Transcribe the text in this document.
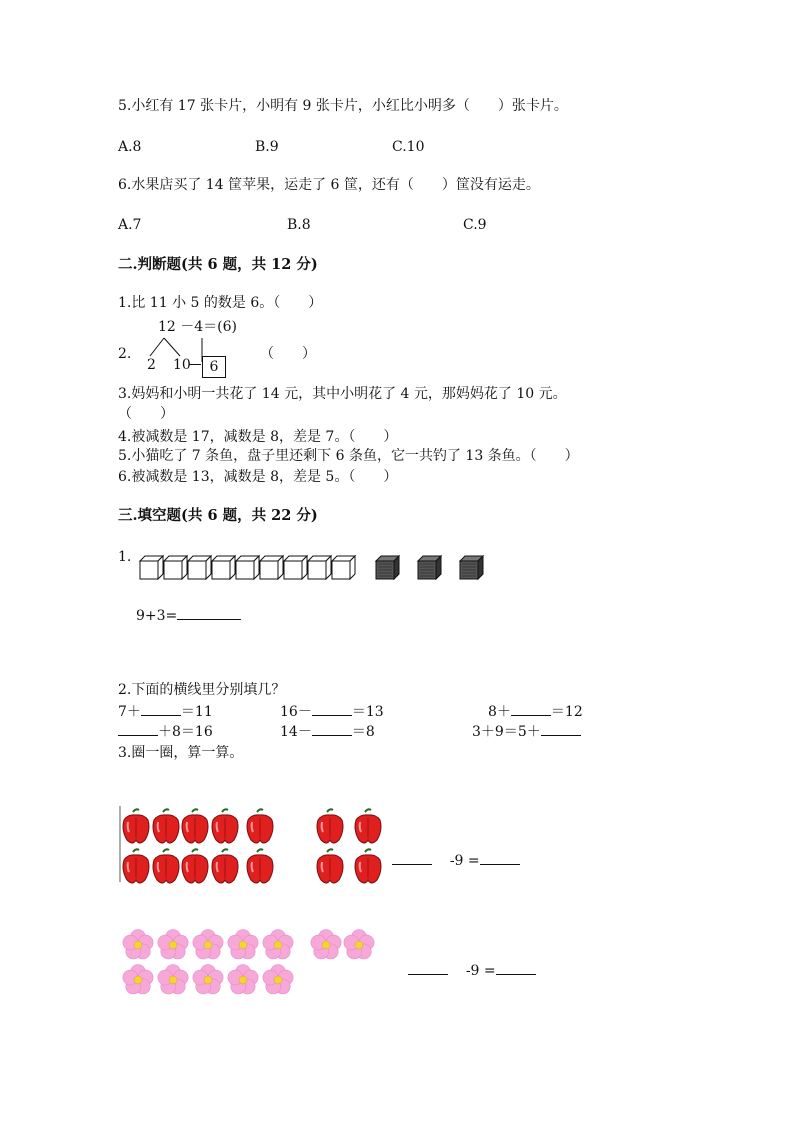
5.小红有 17 张卡片，小明有 9 张卡片，小红比小明多（　　）张卡片。
A.8	B.9	C.10
6.水果店买了 14 筐苹果，运走了 6 筐，还有（　　）筐没有运走。
A.7	B.8	C.9
二.判断题(共 6 题，共 12 分)
1.比 11 小 5 的数是 6。（　　）
12 －4＝(6)
2.
2 10	6
（　　）
3.妈妈和小明一共花了 14 元，其中小明花了 4 元，那妈妈花了 10 元。
（　　）
4.被减数是 17，减数是 8，差是 7。（　　）
5.小猫吃了 7 条鱼，盘子里还剩下 6 条鱼，它一共钓了 13 条鱼。（　　）
6.被减数是 13，减数是 8，差是 5。（　　）
三.填空题(共 6 题，共 22 分)
1.
9+3=
2.下面的横线里分别填几？
7＋	＝11	16－	＝13	8＋	＝12
＋8＝16	14－	＝8	3＋9＝5＋
3.圈一圈，算一算。
-9 =
-9 =
